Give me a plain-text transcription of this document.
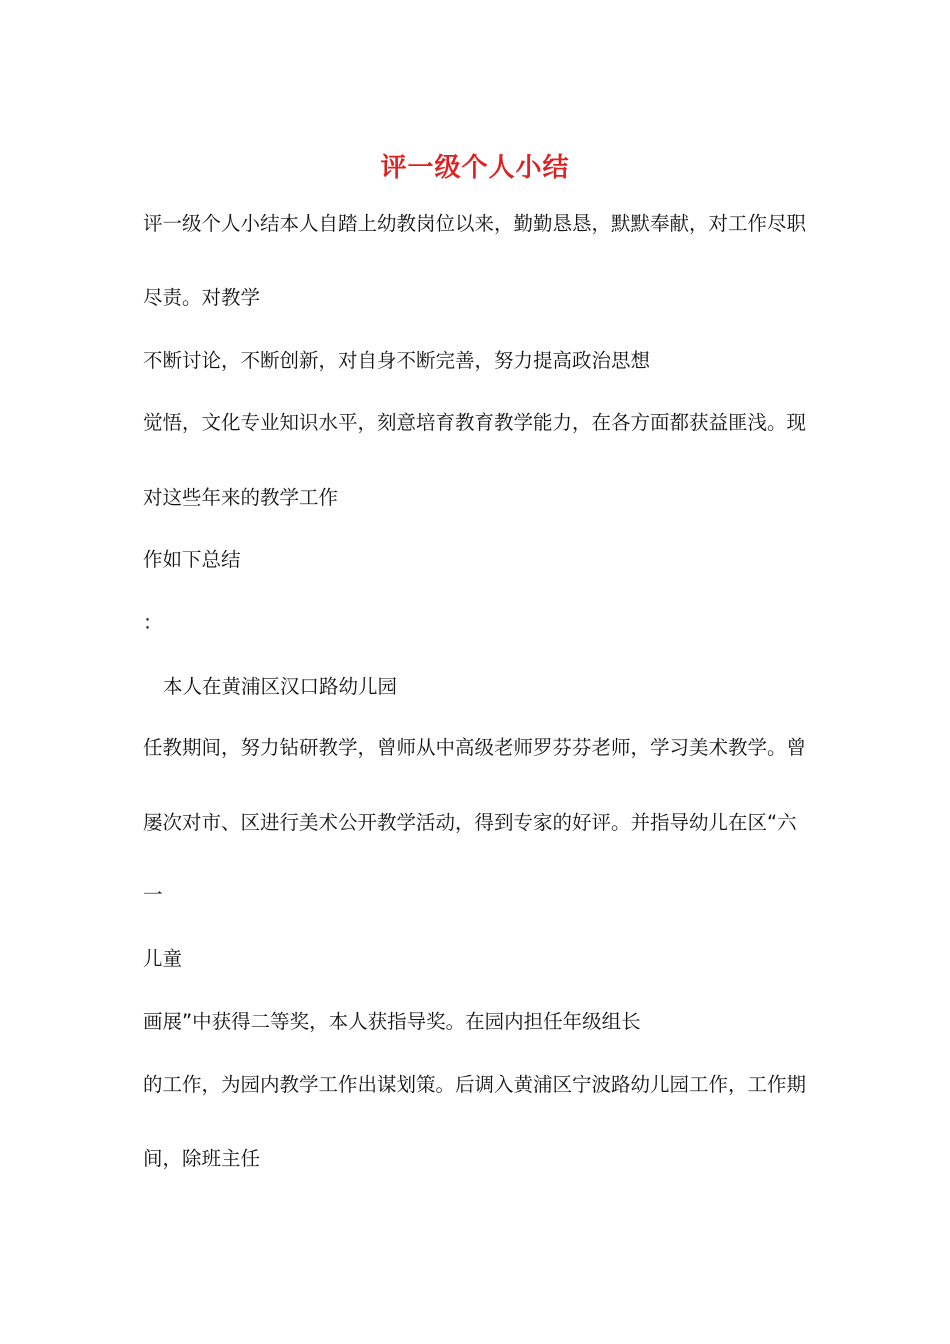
评一级个人小结
评一级个人小结本人自踏上幼教岗位以来，勤勤恳恳，默默奉献，对工作尽职
尽责。对教学
不断讨论，不断创新，对自身不断完善，努力提高政治思想
觉悟，文化专业知识水平，刻意培育教育教学能力，在各方面都获益匪浅。现
对这些年来的教学工作
作如下总结
：
本人在黄浦区汉口路幼儿园
任教期间，努力钻研教学，曾师从中高级老师罗芬芬老师，学习美术教学。曾
屡次对市、区进行美术公开教学活动，得到专家的好评。并指导幼儿在区“六
一
儿童
画展”中获得二等奖，本人获指导奖。在园内担任年级组长
的工作，为园内教学工作出谋划策。后调入黄浦区宁波路幼儿园工作，工作期
间，除班主任
